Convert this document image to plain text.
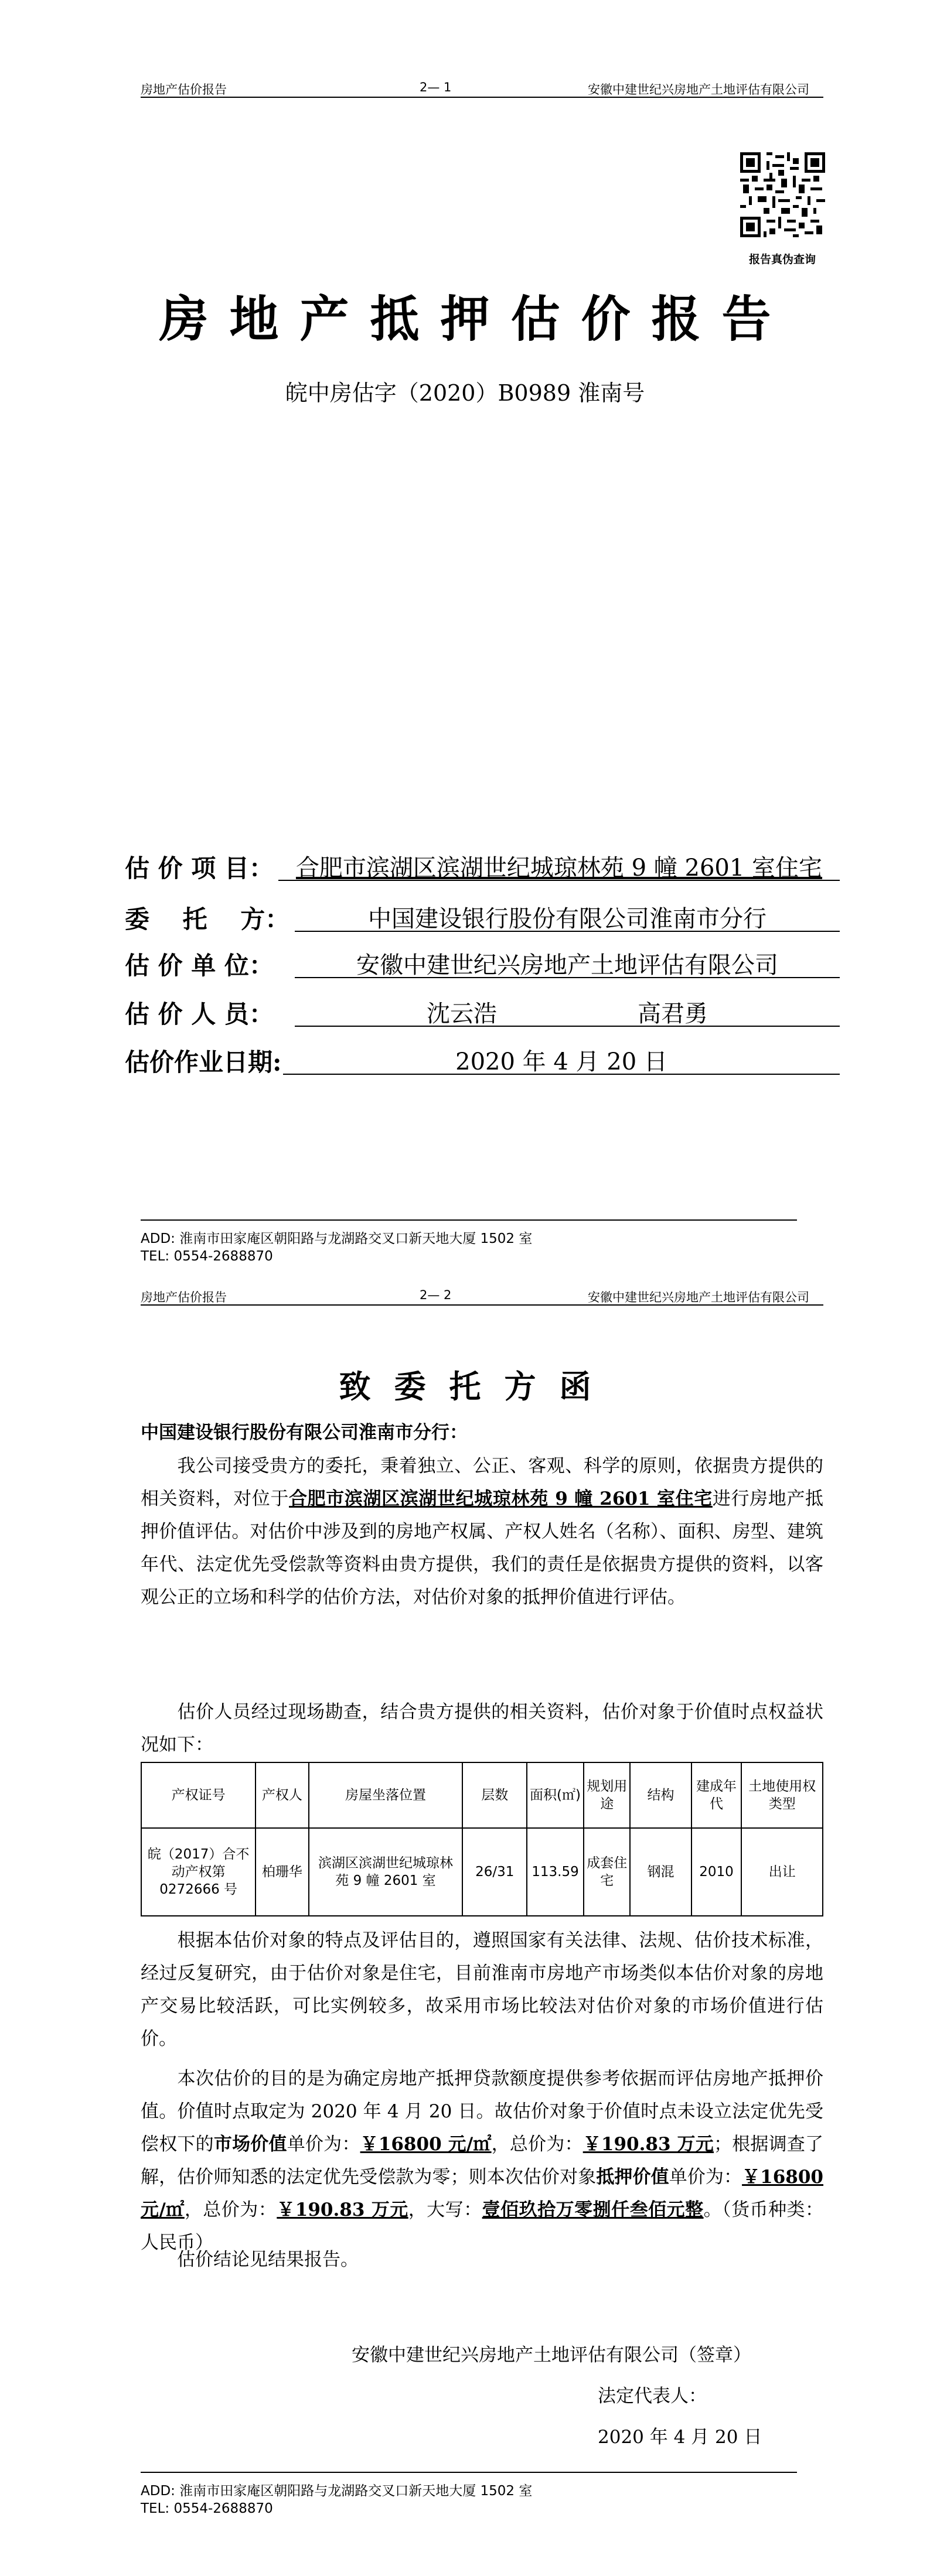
房地产估价报告	2— 1	安徽中建世纪兴房地产土地评估有限公司
报告真伪查询
房地产抵押估价报告
皖中房估字（2020）B0989 淮南号
估 价 项 目： 合肥市滨湖区滨湖世纪城琼林苑 9 幢 2601 室住宅
委　 托　 方：	中国建设银行股份有限公司淮南市分行
估 价 单 位：	安徽中建世纪兴房地产土地评估有限公司
估 价 人 员：	沈云浩　　　　　　高君勇
估价作业日期:	2020 年 4 月 20 日
ADD: 淮南市田家庵区朝阳路与龙湖路交叉口新天地大厦 1502 室
TEL: 0554-2688870
房地产估价报告	2— 2	安徽中建世纪兴房地产土地评估有限公司
致委托方函
中国建设银行股份有限公司淮南市分行：
我公司接受贵方的委托，秉着独立、公正、客观、科学的原则，依据贵方提供的相关资料，对位于合肥市滨湖区滨湖世纪城琼林苑 9 幢 2601 室住宅进行房地产抵押价值评估。对估价中涉及到的房地产权属、产权人姓名（名称）、面积、房型、建筑年代、法定优先受偿款等资料由贵方提供，我们的责任是依据贵方提供的资料，以客观公正的立场和科学的估价方法，对估价对象的抵押价值进行评估。
估价人员经过现场勘查，结合贵方提供的相关资料，估价对象于价值时点权益状况如下：
产权证号	产权人	房屋坐落位置	层数	面积(㎡)	规划用途	结构	建成年代	土地使用权类型
皖（2017）合不动产权第 0272666 号	柏珊华	滨湖区滨湖世纪城琼林苑 9 幢 2601 室	26/31	113.59	成套住宅	钢混	2010	出让
根据本估价对象的特点及评估目的，遵照国家有关法律、法规、估价技术标准，经过反复研究，由于估价对象是住宅，目前淮南市房地产市场类似本估价对象的房地产交易比较活跃，可比实例较多，故采用市场比较法对估价对象的市场价值进行估价。
本次估价的目的是为确定房地产抵押贷款额度提供参考依据而评估房地产抵押价值。价值时点取定为 2020 年 4 月 20 日。故估价对象于价值时点未设立法定优先受偿权下的市场价值单价为：￥16800 元/㎡，总价为：￥190.83 万元；根据调查了解，估价师知悉的法定优先受偿款为零；则本次估价对象抵押价值单价为：￥16800 元/㎡，总价为：￥190.83 万元，大写：壹佰玖拾万零捌仟叁佰元整。（货币种类：人民币）
估价结论见结果报告。
安徽中建世纪兴房地产土地评估有限公司（签章）
法定代表人：
2020 年 4 月 20 日
ADD: 淮南市田家庵区朝阳路与龙湖路交叉口新天地大厦 1502 室
TEL: 0554-2688870
